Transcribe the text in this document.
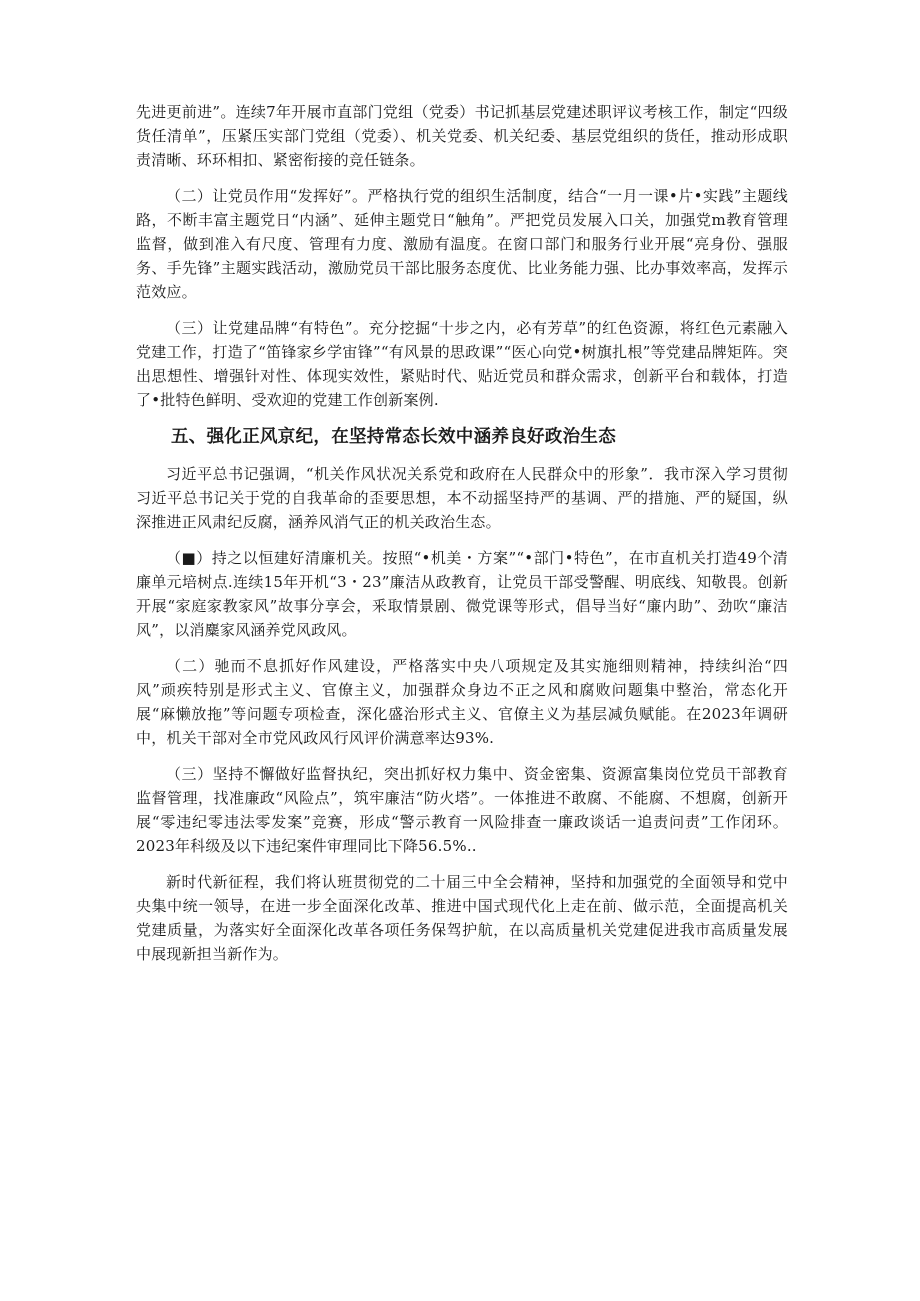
先进更前进”。连续7年开展市直部门党组（党委）书记抓基层党建述职评议考核工作，制定“四级货任清单”，压紧压实部门党组（党委）、机关党委、机关纪委、基层党组织的货任，推动形成职责清晰、环环相扣、紧密衔接的竞任链条。

（二）让党员作用“发挥好”。严格执行党的组织生活制度，结合“一月一课•片•实践”主题线路，不断丰富主题党日“内涵”、延伸主题党日“触角”。严把党员发展入口关，加强党m教育管理监督，做到准入有尺度、管理有力度、激励有温度。在窗口部门和服务行业开展“亮身份、强服务、手先锋”主题实践活动，激励党员干部比服务态度优、比业务能力强、比办事效率高，发挥示范效应。

（三）让党建品牌“有特色”。充分挖掘“十步之内，必有芳草”的红色资源，将红色元素融入党建工作，打造了“笛锋家乡学宙锋”“有风景的思政课”“医心向党•树旗扎根”等党建品牌矩阵。突出思想性、增强针对性、体现实效性，紧贴时代、贴近党员和群众需求，创新平台和载体，打造了•批特色鲜明、受欢迎的党建工作创新案例.

五、强化正风京纪，在坚持常态长效中涵养良好政治生态

习近平总书记强调，“机关作风状况关系党和政府在人民群众中的形象”．我市深入学习贯彻习近平总书记关于党的自我革命的歪要思想，本不动摇坚持严的基调、严的措施、严的疑国，纵深推进正风肃纪反腐，涵养风消气正的机关政治生态。

（■）持之以恒建好清廉机关。按照“•机美・方案”“•部门•特色”，在市直机关打造49个清廉单元培树点.连续15年开机“3・23”廉洁从政教育，让党员干部受警醒、明底线、知敬畏。创新开展“家庭家教家风”故事分享会，釆取情景剧、微党课等形式，倡导当好“廉内助”、劲吹“廉洁风”，以消麋家风涵养党风政风。

（二）驰而不息抓好作风建设，严格落实中央八项规定及其实施细则精神，持续纠治“四风”顽疾特别是形式主义、官僚主义，加强群众身边不正之风和腐败问题集中整治，常态化开展“麻懒放拖”等问题专项检查，深化盛治形式主义、官僚主义为基层减负赋能。在2023年调研中，机关干部对全市党风政风行风评价满意率达93%.

（三）坚持不懈做好监督执纪，突出抓好权力集中、资金密集、资源富集岗位党员干部教育监督管理，找准廉政“风险点”，筑牢廉洁“防火塔”。一体推进不敢腐、不能腐、不想腐，创新开展“零违纪零违法零发案”竞赛，形成“警示教育一风险排查一廉政谈话一追责问责”工作闭环。2023年科级及以下违纪案件审理同比下降56.5%..

新时代新征程，我们将认班贯彻党的二十届三中全会精神，坚持和加强党的全面领导和党中央集中统一领导，在进一步全面深化改革、推进中国式现代化上走在前、做示范，全面提高机关党建质量，为落实好全面深化改革各项任务保驾护航，在以高质量机关党建促进我市高质量发展中展现新担当新作为。
